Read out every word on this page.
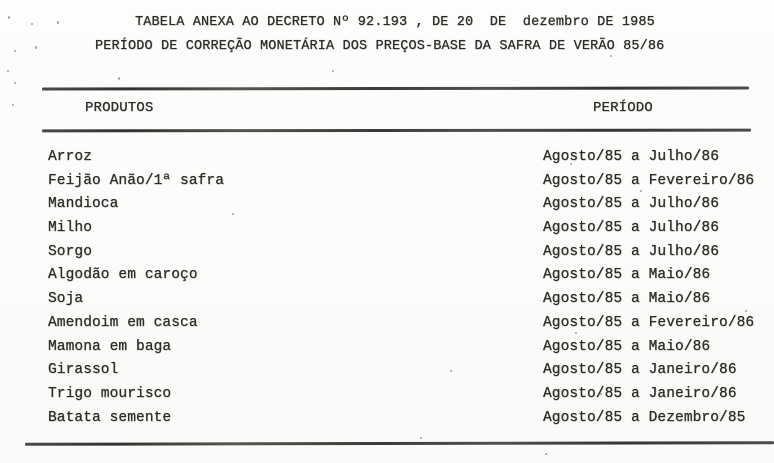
TABELA ANEXA AO DECRETO Nº 92.193 , DE 20  DE  dezembro DE 1985
PERÍODO DE CORREÇÃO MONETÁRIA DOS PREÇOS-BASE DA SAFRA DE VERÃO 85/86
PRODUTOS	PERÍODO
Arroz	Agosto/85 a Julho/86
Feijão Anão/1ª safra	Agosto/85 a Fevereiro/86
Mandioca	Agosto/85 a Julho/86
Milho	Agosto/85 a Julho/86
Sorgo	Agosto/85 a Julho/86
Algodão em caroço	Agosto/85 a Maio/86
Soja	Agosto/85 a Maio/86
Amendoim em casca	Agosto/85 a Fevereiro/86
Mamona em baga	Agosto/85 a Maio/86
Girassol	Agosto/85 a Janeiro/86
Trigo mourisco	Agosto/85 a Janeiro/86
Batata semente	Agosto/85 a Dezembro/85
